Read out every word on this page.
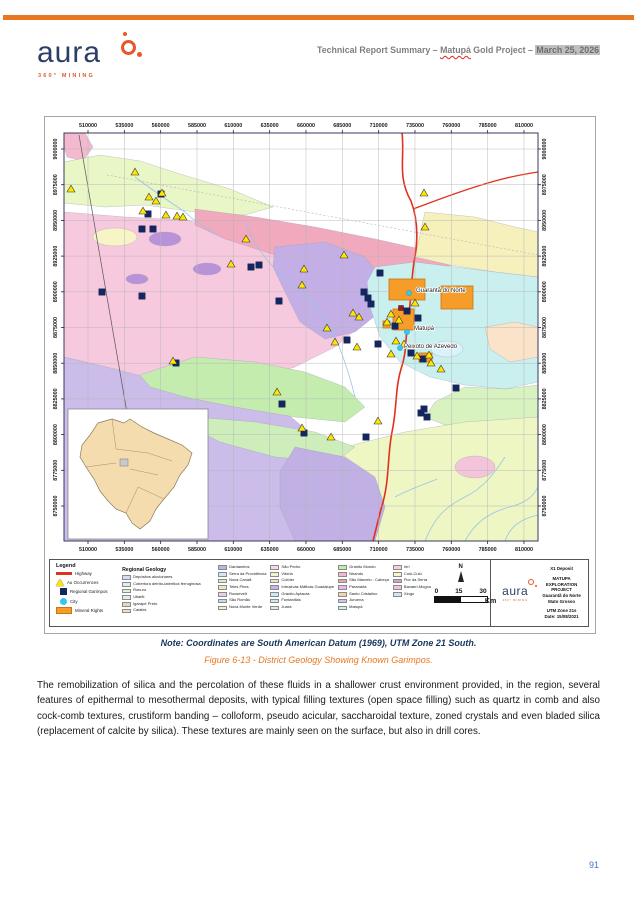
aura
360° MINING
Technical Report Summary – Matupá Gold Project – March 25, 2026
Guarantã do Norte
Matupá
Peixoto de Azevedo
510000
510000
535000
535000
560000
560000
585000
585000
610000
610000
635000
635000
660000
660000
685000
685000
710000
710000
735000
735000
760000
760000
785000
785000
810000
810000
9000000	9000000
8975000	8975000
8950000	8950000
8925000	8925000
8900000	8900000
8875000	8875000
8850000	8850000
8825000	8825000
8800000	8800000
8775000	8775000
8750000	8750000
Legend
Highway
Au Occurrences
Regional Garimpos
City
Mineral Rights
Regional Geology
Depósitos aluvionares
Cobertura detrito-laterítica ferruginosa
Ronuro
Utiariti
Igarapé Preto
Caiabis
Dardanelos
Serra da Providência
Nova Canaã
Teles Pires
Roosevelt
São Romão
Nova Monte Verde
São Pedro
Vitória
Colíder
Intrusivas Máficas Guadalupe
Granito Apiacás
Fontanillas
Juara
Granito Mundo
Nhandu
São Marcelo - Cabeça
Paranaíta
Santo Cristalino
Juruena
Matupá
Iriri
Cuiú-Cuiú
Flor da Serra
Bacaeri-Mogno
Xingu
N
0	15	30
Km
aura
360° MINING
X1 Deposit
MATUPA EXPLORATION PROJECT
Guarantã do Norte
Mato Grosso
UTM Zone 21s
Date: 15/08/2021
Note: Coordinates are South American Datum (1969), UTM Zone 21 South.
Figure 6-13 - District Geology Showing Known Garimpos.
The remobilization of silica and the percolation of these fluids in a shallower crust environment provided, in the region, several features of epithermal to mesothermal deposits, with typical filling textures (open space filling) such as quartz in comb and also cock-comb textures, crustiform banding – colloform, pseudo acicular, saccharoidal texture, zoned crystals and even bladed silica (replacement of calcite by silica). These textures are mainly seen on the surface, but also in drill cores.
91
